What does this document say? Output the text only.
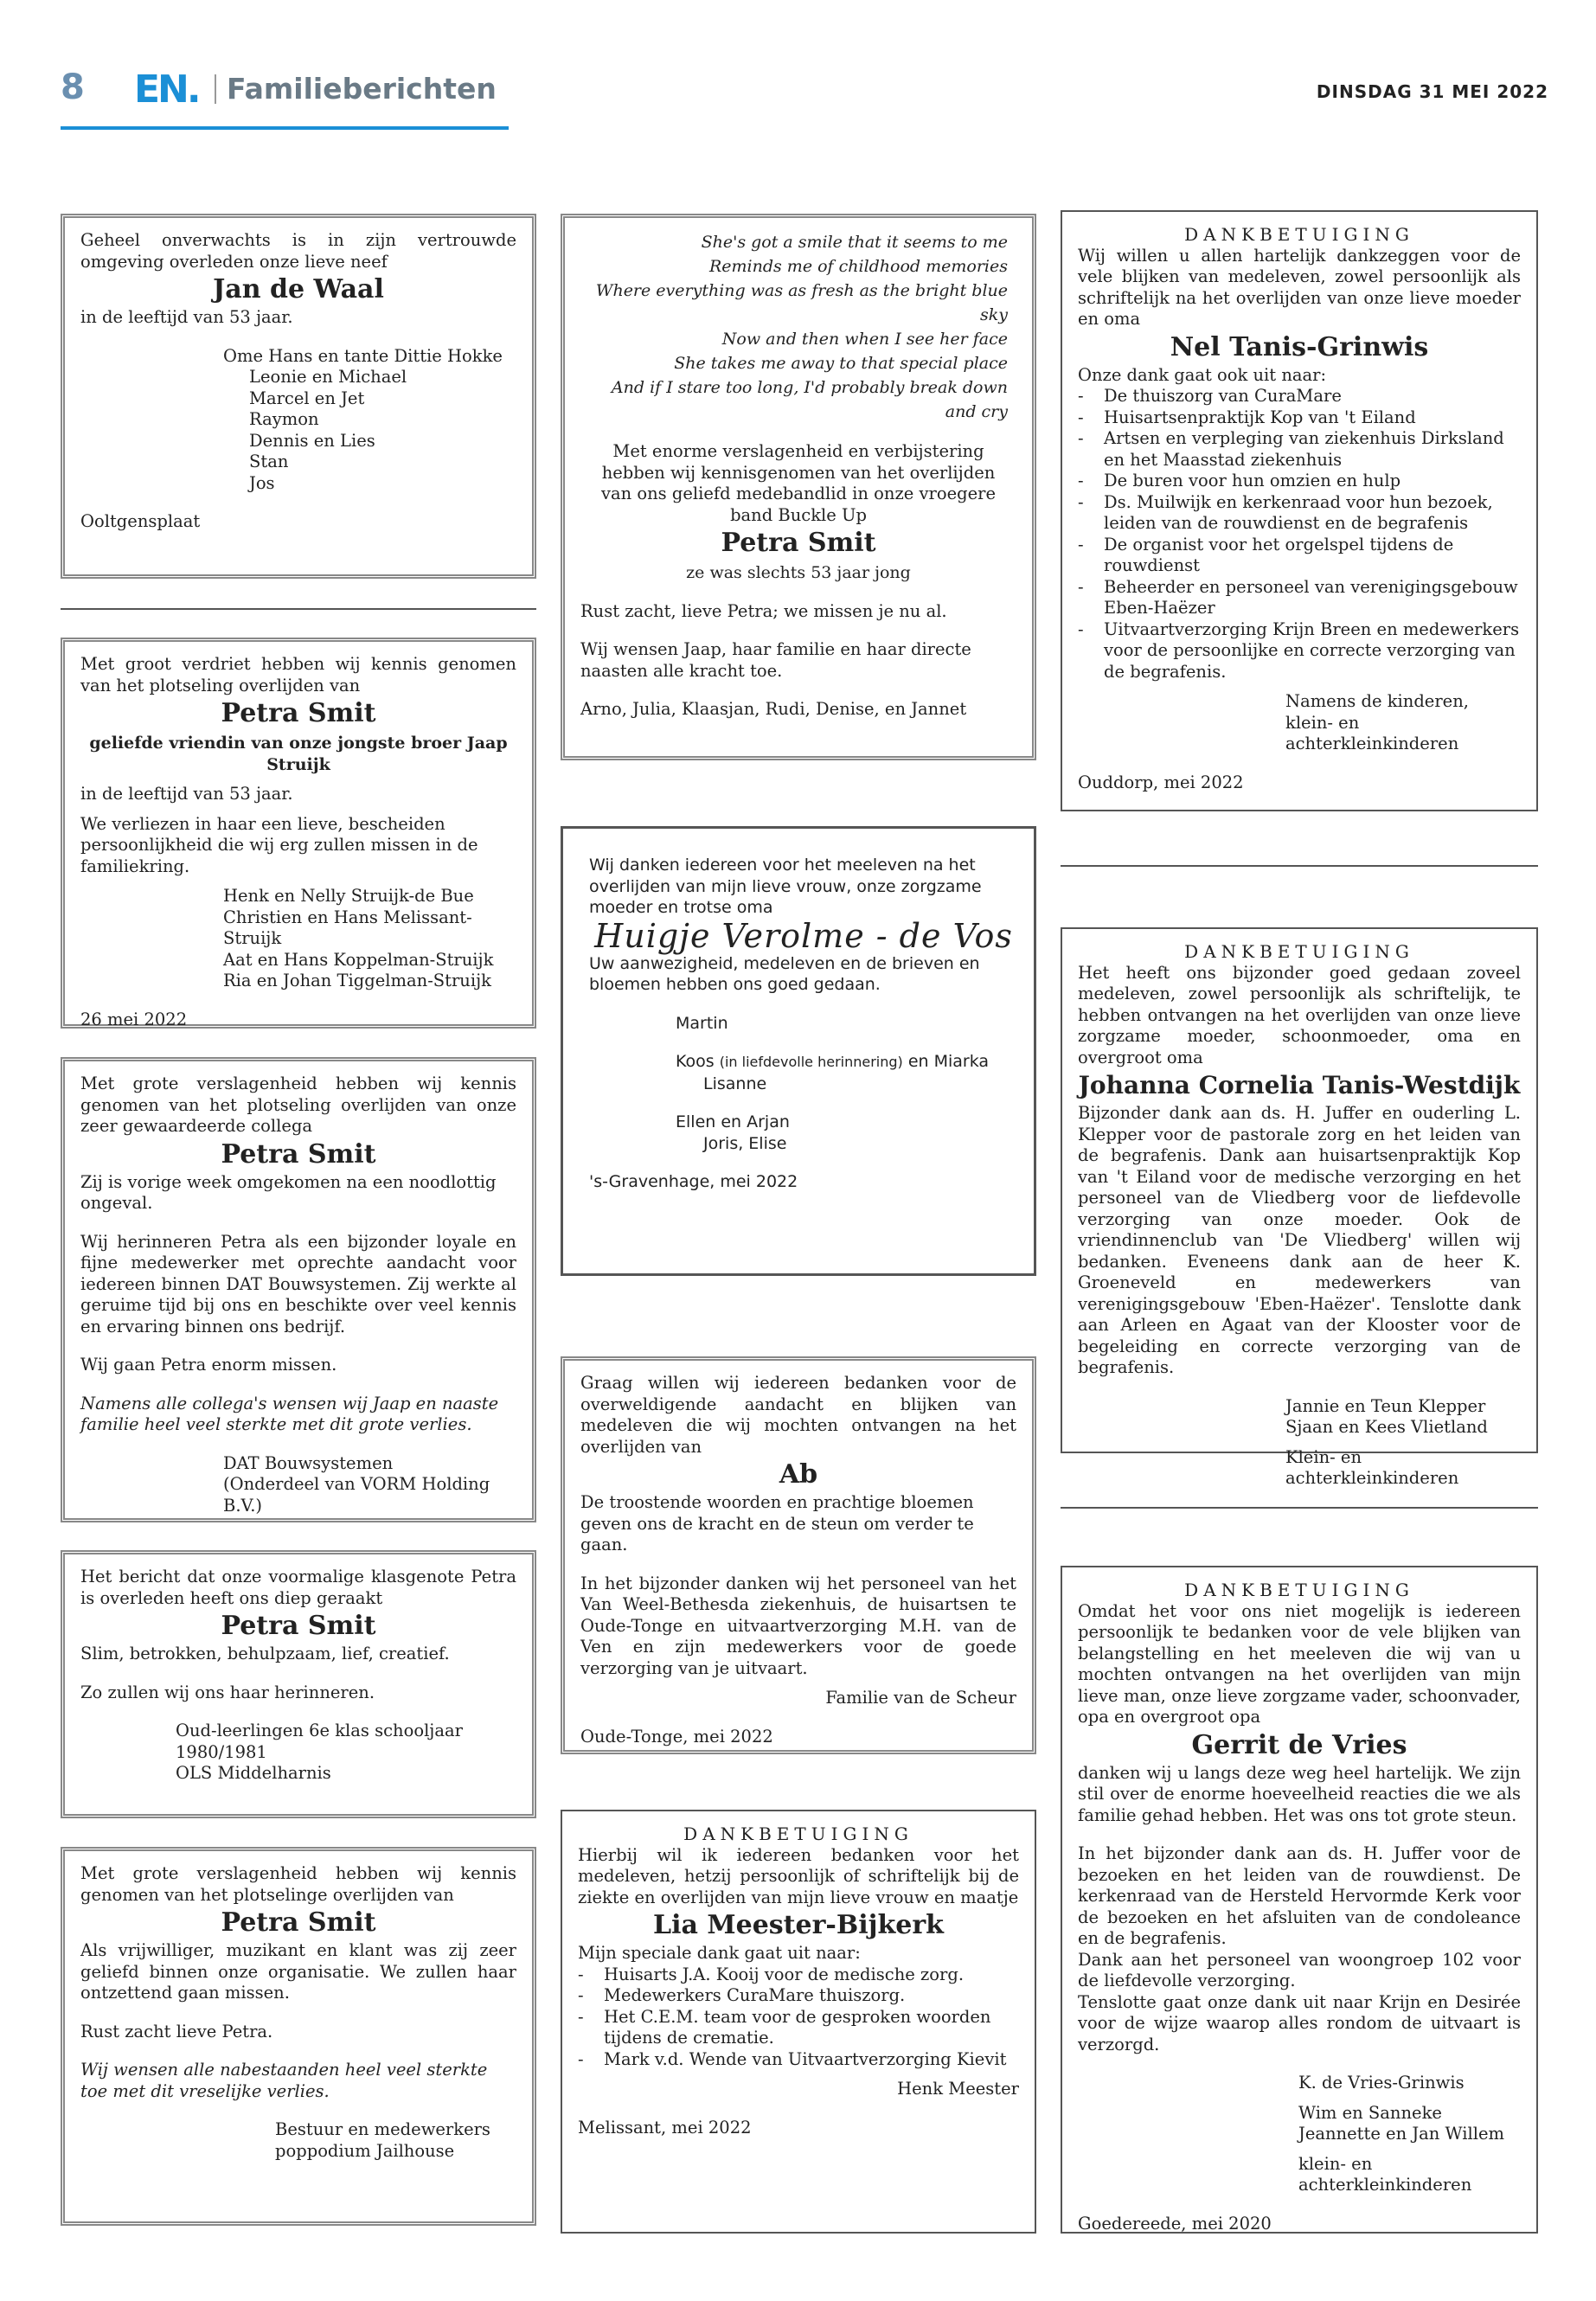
8 EN. Familieberichten	DINSDAG 31 MEI 2022

Geheel onverwachts is in zijn vertrouwde omgeving overleden onze lieve neef

Jan de Waal

in de leeftijd van 53 jaar.

Ome Hans en tante Dittie Hokke

Leonie en Michael

Marcel en Jet

Raymon

Dennis en Lies

Stan

Jos

Ooltgensplaat

Met groot verdriet hebben wij kennis genomen van het plotseling overlijden van

Petra Smit

geliefde vriendin van onze jongste broer Jaap Struijk

in de leeftijd van 53 jaar.

We verliezen in haar een lieve, bescheiden persoonlijkheid die wij erg zullen missen in de familiekring.

Henk en Nelly Struijk-de Bue

Christien en Hans Melissant-Struijk

Aat en Hans Koppelman-Struijk

Ria en Johan Tiggelman-Struijk

26 mei 2022

Met grote verslagenheid hebben wij kennis genomen van het plotseling overlijden van onze zeer gewaardeerde collega

Petra Smit

Zij is vorige week omgekomen na een noodlottig ongeval.

Wij herinneren Petra als een bijzonder loyale en fijne medewerker met oprechte aandacht voor iedereen binnen DAT Bouwsystemen. Zij werkte al geruime tijd bij ons en beschikte over veel kennis en ervaring binnen ons bedrijf.

Wij gaan Petra enorm missen.

Namens alle collega's wensen wij Jaap en naaste familie heel veel sterkte met dit grote verlies.

DAT Bouwsystemen

(Onderdeel van VORM Holding B.V.)

Het bericht dat onze voormalige klasgenote Petra is overleden heeft ons diep geraakt

Petra Smit

Slim, betrokken, behulpzaam, lief, creatief.

Zo zullen wij ons haar herinneren.

Oud-leerlingen 6e klas schooljaar 1980/1981

OLS Middelharnis

Met grote verslagenheid hebben wij kennis genomen van het plotselinge overlijden van

Petra Smit

Als vrijwilliger, muzikant en klant was zij zeer geliefd binnen onze organisatie. We zullen haar ontzettend gaan missen.

Rust zacht lieve Petra.

Wij wensen alle nabestaanden heel veel sterkte toe met dit vreselijke verlies.

Bestuur en medewerkers

poppodium Jailhouse

She's got a smile that it seems to me

Reminds me of childhood memories

Where everything was as fresh as the bright blue sky

Now and then when I see her face

She takes me away to that special place

And if I stare too long, I'd probably break down and cry

Met enorme verslagenheid en verbijstering hebben wij kennisgenomen van het overlijden van ons geliefd medebandlid in onze vroegere band Buckle Up

Petra Smit

ze was slechts 53 jaar jong

Rust zacht, lieve Petra; we missen je nu al.

Wij wensen Jaap, haar familie en haar directe naasten alle kracht toe.

Arno, Julia, Klaasjan, Rudi, Denise, en Jannet

Wij danken iedereen voor het meeleven na het overlijden van mijn lieve vrouw, onze zorgzame moeder en trotse oma

Huigje Verolme - de Vos

Uw aanwezigheid, medeleven en de brieven en bloemen hebben ons goed gedaan.

Martin

Koos (in liefdevolle herinnering) en Miarka

Lisanne

Ellen en Arjan

Joris, Elise

's-Gravenhage, mei 2022

Graag willen wij iedereen bedanken voor de overweldigende aandacht en blijken van medeleven die wij mochten ontvangen na het overlijden van

Ab

De troostende woorden en prachtige bloemen geven ons de kracht en de steun om verder te gaan.

In het bijzonder danken wij het personeel van het Van Weel-Bethesda ziekenhuis, de huisartsen te Oude-Tonge en uitvaartverzorging M.H. van de Ven en zijn medewerkers voor de goede verzorging van je uitvaart.

Familie van de Scheur

Oude-Tonge, mei 2022

DANKBETUIGING

Hierbij wil ik iedereen bedanken voor het medeleven, hetzij persoonlijk of schriftelijk bij de ziekte en overlijden van mijn lieve vrouw en maatje

Lia Meester-Bijkerk

Mijn speciale dank gaat uit naar:

- Huisarts J.A. Kooij voor de medische zorg.
- Medewerkers CuraMare thuiszorg.
- Het C.E.M. team voor de gesproken woorden tijdens de crematie.
- Mark v.d. Wende van Uitvaartverzorging Kievit

Henk Meester

Melissant, mei 2022

DANKBETUIGING

Wij willen u allen hartelijk dankzeggen voor de vele blijken van medeleven, zowel persoonlijk als schriftelijk na het overlijden van onze lieve moeder en oma

Nel Tanis-Grinwis

Onze dank gaat ook uit naar:

- De thuiszorg van CuraMare
- Huisartsenpraktijk Kop van 't Eiland
- Artsen en verpleging van ziekenhuis Dirksland en het Maasstad ziekenhuis
- De buren voor hun omzien en hulp
- Ds. Muilwijk en kerkenraad voor hun bezoek, leiden van de rouwdienst en de begrafenis
- De organist voor het orgelspel tijdens de rouwdienst
- Beheerder en personeel van verenigingsgebouw Eben-Haëzer
- Uitvaartverzorging Krijn Breen en medewerkers voor de persoonlijke en correcte verzorging van de begrafenis.

Namens de kinderen,

klein- en achterkleinkinderen

Ouddorp, mei 2022

DANKBETUIGING

Het heeft ons bijzonder goed gedaan zoveel medeleven, zowel persoonlijk als schriftelijk, te hebben ontvangen na het overlijden van onze lieve zorgzame moeder, schoonmoeder, oma en overgroot oma

Johanna Cornelia Tanis-Westdijk

Bijzonder dank aan ds. H. Juffer en ouderling L. Klepper voor de pastorale zorg en het leiden van de begrafenis. Dank aan huisartsenpraktijk Kop van 't Eiland voor de medische verzorging en het personeel van de Vliedberg voor de liefdevolle verzorging van onze moeder. Ook de vriendinnenclub van 'De Vliedberg' willen wij bedanken. Eveneens dank aan de heer K. Groeneveld en medewerkers van verenigingsgebouw 'Eben-Haëzer'. Tenslotte dank aan Arleen en Agaat van der Klooster voor de begeleiding en correcte verzorging van de begrafenis.

Jannie en Teun Klepper

Sjaan en Kees Vlietland

Klein- en achterkleinkinderen

DANKBETUIGING

Omdat het voor ons niet mogelijk is iedereen persoonlijk te bedanken voor de vele blijken van belangstelling en het meeleven die wij van u mochten ontvangen na het overlijden van mijn lieve man, onze lieve zorgzame vader, schoonvader, opa en overgroot opa

Gerrit de Vries

danken wij u langs deze weg heel hartelijk. We zijn stil over de enorme hoeveelheid reacties die we als familie gehad hebben. Het was ons tot grote steun.

In het bijzonder dank aan ds. H. Juffer voor de bezoeken en het leiden van de rouwdienst. De kerkenraad van de Hersteld Hervormde Kerk voor de bezoeken en het afsluiten van de condoleance en de begrafenis.

Dank aan het personeel van woongroep 102 voor de liefdevolle verzorging.

Tenslotte gaat onze dank uit naar Krijn en Desirée voor de wijze waarop alles rondom de uitvaart is verzorgd.

K. de Vries-Grinwis

Wim en Sanneke

Jeannette en Jan Willem

klein- en achterkleinkinderen

Goedereede, mei 2020
